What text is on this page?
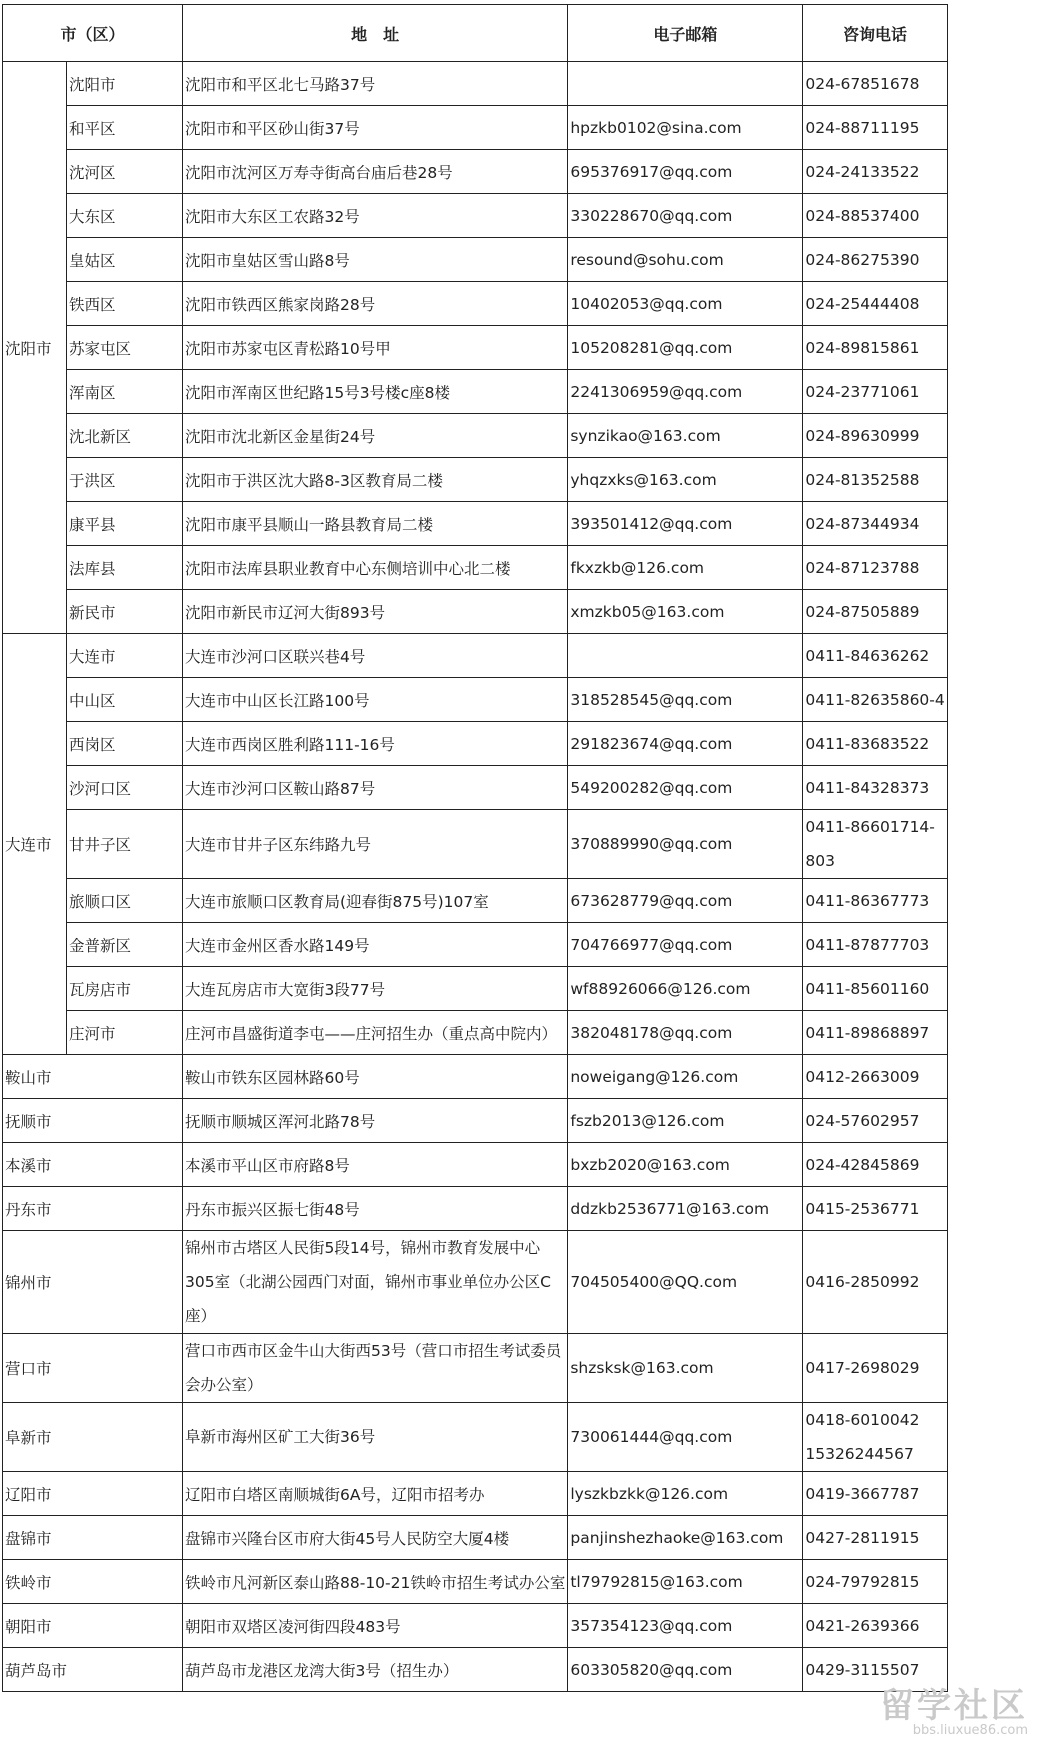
市（区）		地　址	电子邮箱	咨询电话
沈阳市	沈阳市	沈阳市和平区北七马路37号		024-67851678
	和平区	沈阳市和平区砂山街37号	hpzkb0102@sina.com	024-88711195
	沈河区	沈阳市沈河区万寿寺街高台庙后巷28号	695376917@qq.com	024-24133522
	大东区	沈阳市大东区工农路32号	330228670@qq.com	024-88537400
	皇姑区	沈阳市皇姑区雪山路8号	resound@sohu.com	024-86275390
	铁西区	沈阳市铁西区熊家岗路28号	10402053@qq.com	024-25444408
	苏家屯区	沈阳市苏家屯区青松路10号甲	105208281@qq.com	024-89815861
	浑南区	沈阳市浑南区世纪路15号3号楼c座8楼	2241306959@qq.com	024-23771061
	沈北新区	沈阳市沈北新区金星街24号	synzikao@163.com	024-89630999
	于洪区	沈阳市于洪区沈大路8-3区教育局二楼	yhqzxks@163.com	024-81352588
	康平县	沈阳市康平县顺山一路县教育局二楼	393501412@qq.com	024-87344934
	法库县	沈阳市法库县职业教育中心东侧培训中心北二楼	fkxzkb@126.com	024-87123788
	新民市	沈阳市新民市辽河大街893号	xmzkb05@163.com	024-87505889
大连市	大连市	大连市沙河口区联兴巷4号		0411-84636262
	中山区	大连市中山区长江路100号	318528545@qq.com	0411-82635860-4
	西岗区	大连市西岗区胜利路111-16号	291823674@qq.com	0411-83683522
	沙河口区	大连市沙河口区鞍山路87号	549200282@qq.com	0411-84328373
	甘井子区	大连市甘井子区东纬路九号	370889990@qq.com	0411-86601714-803
	旅顺口区	大连市旅顺口区教育局(迎春街875号)107室	673628779@qq.com	0411-86367773
	金普新区	大连市金州区香水路149号	704766977@qq.com	0411-87877703
	瓦房店市	大连瓦房店市大宽街3段77号	wf88926066@126.com	0411-85601160
	庄河市	庄河市昌盛街道李屯——庄河招生办（重点高中院内）	382048178@qq.com	0411-89868897
鞍山市		鞍山市铁东区园林路60号	noweigang@126.com	0412-2663009
抚顺市		抚顺市顺城区浑河北路78号	fszb2013@126.com	024-57602957
本溪市		本溪市平山区市府路8号	bxzb2020@163.com	024-42845869
丹东市		丹东市振兴区振七街48号	ddzkb2536771@163.com	0415-2536771
锦州市		锦州市古塔区人民街5段14号，锦州市教育发展中心305室（北湖公园西门对面，锦州市事业单位办公区C座）	704505400@QQ.com	0416-2850992
营口市		营口市西市区金牛山大街西53号（营口市招生考试委员会办公室）	shzsksk@163.com	0417-2698029
阜新市		阜新市海州区矿工大街36号	730061444@qq.com	0418-6010042 15326244567
辽阳市		辽阳市白塔区南顺城街6A号，辽阳市招考办	lyszkbzkk@126.com	0419-3667787
盘锦市		盘锦市兴隆台区市府大街45号人民防空大厦4楼	panjinshezhaoke@163.com	0427-2811915
铁岭市		铁岭市凡河新区泰山路88-10-21铁岭市招生考试办公室	tl79792815@163.com	024-79792815
朝阳市		朝阳市双塔区凌河街四段483号	357354123@qq.com	0421-2639366
葫芦岛市		葫芦岛市龙港区龙湾大街3号（招生办）	603305820@qq.com	0429-3115507
留学社区
bbs.liuxue86.com
